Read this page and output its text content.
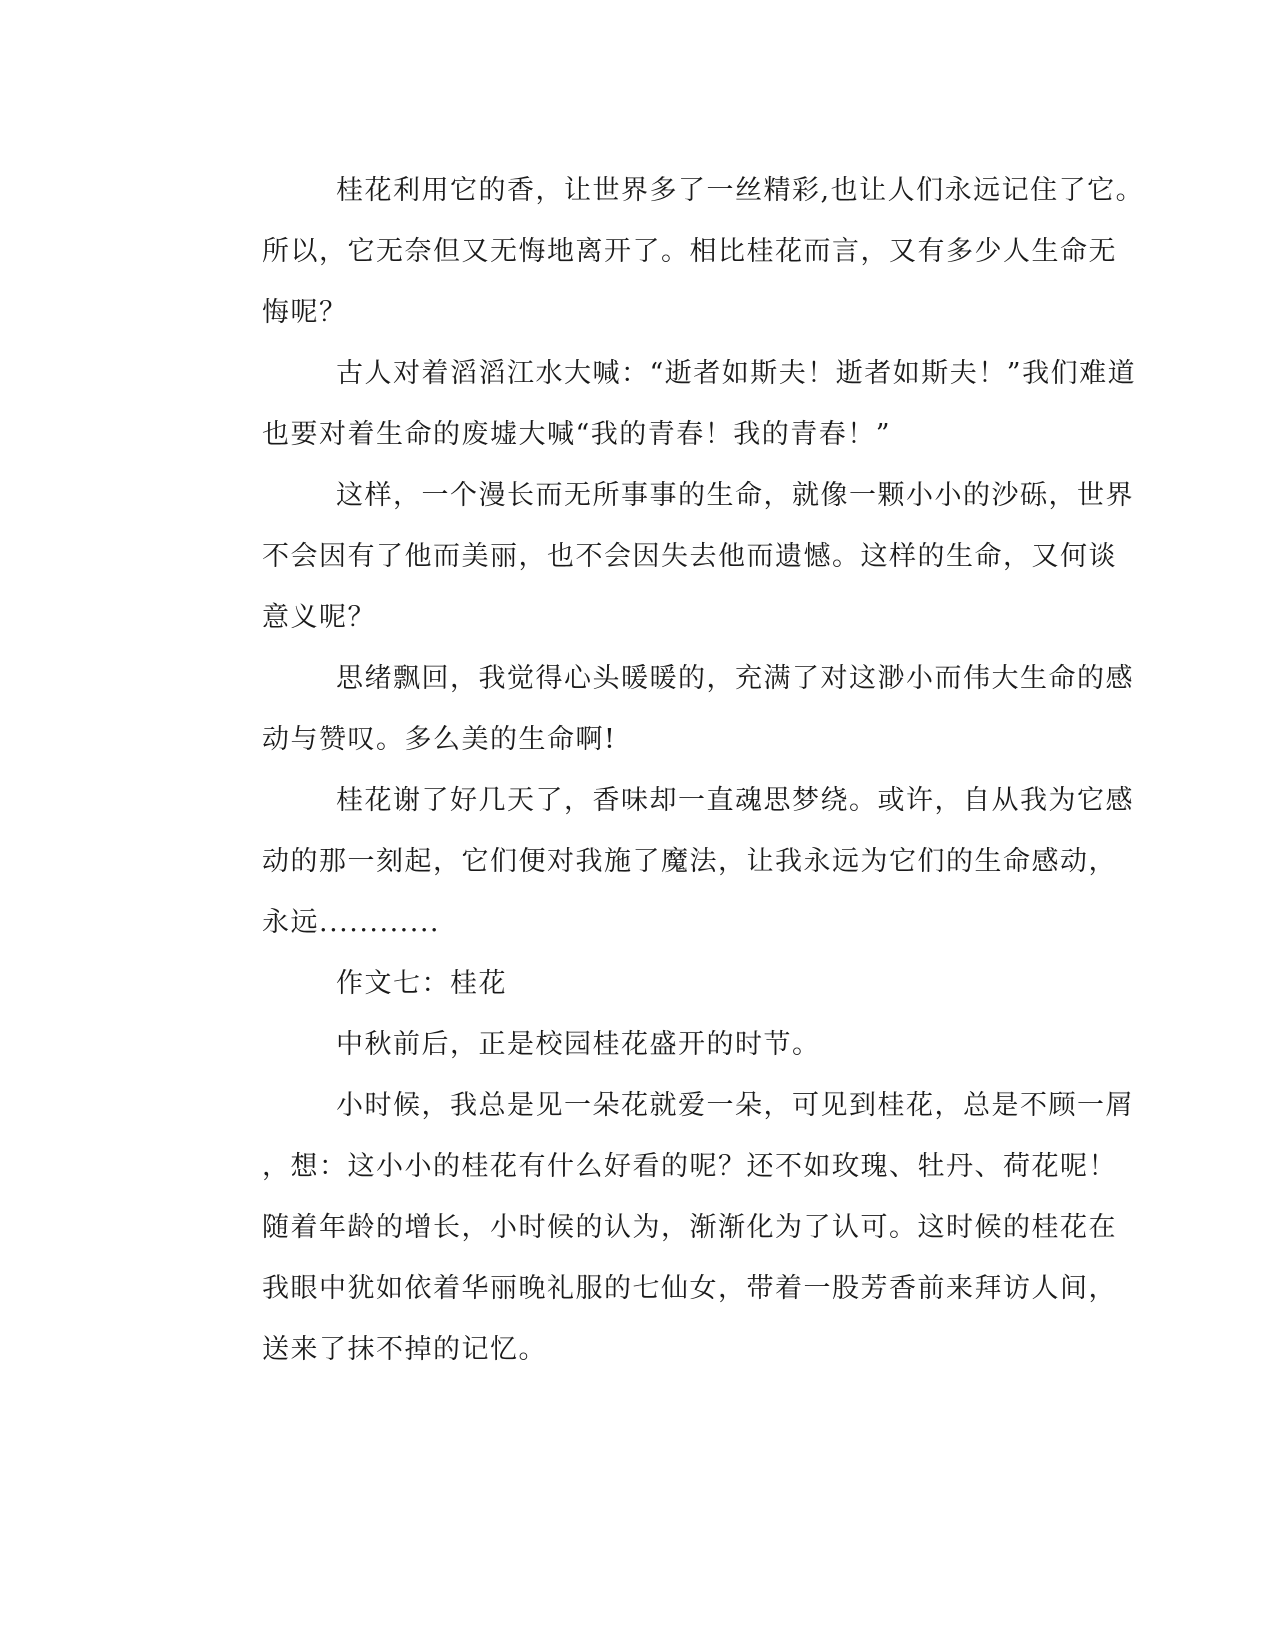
桂花利用它的香，让世界多了一丝精彩,也让人们永远记住了它。
所以，它无奈但又无悔地离开了。相比桂花而言，又有多少人生命无
悔呢？
古人对着滔滔江水大喊：“逝者如斯夫！逝者如斯夫！”我们难道
也要对着生命的废墟大喊“我的青春！我的青春！”
这样，一个漫长而无所事事的生命，就像一颗小小的沙砾，世界
不会因有了他而美丽，也不会因失去他而遗憾。这样的生命，又何谈
意义呢？
思绪飘回，我觉得心头暖暖的，充满了对这渺小而伟大生命的感
动与赞叹。多么美的生命啊!
桂花谢了好几天了，香味却一直魂思梦绕。或许，自从我为它感
动的那一刻起，它们便对我施了魔法，让我永远为它们的生命感动，
永远............
作文七：桂花
中秋前后，正是校园桂花盛开的时节。
小时候，我总是见一朵花就爱一朵，可见到桂花，总是不顾一屑
，想：这小小的桂花有什么好看的呢？还不如玫瑰、牡丹、荷花呢！
随着年龄的增长，小时候的认为，渐渐化为了认可。这时候的桂花在
我眼中犹如依着华丽晚礼服的七仙女，带着一股芳香前来拜访人间，
送来了抹不掉的记忆。
